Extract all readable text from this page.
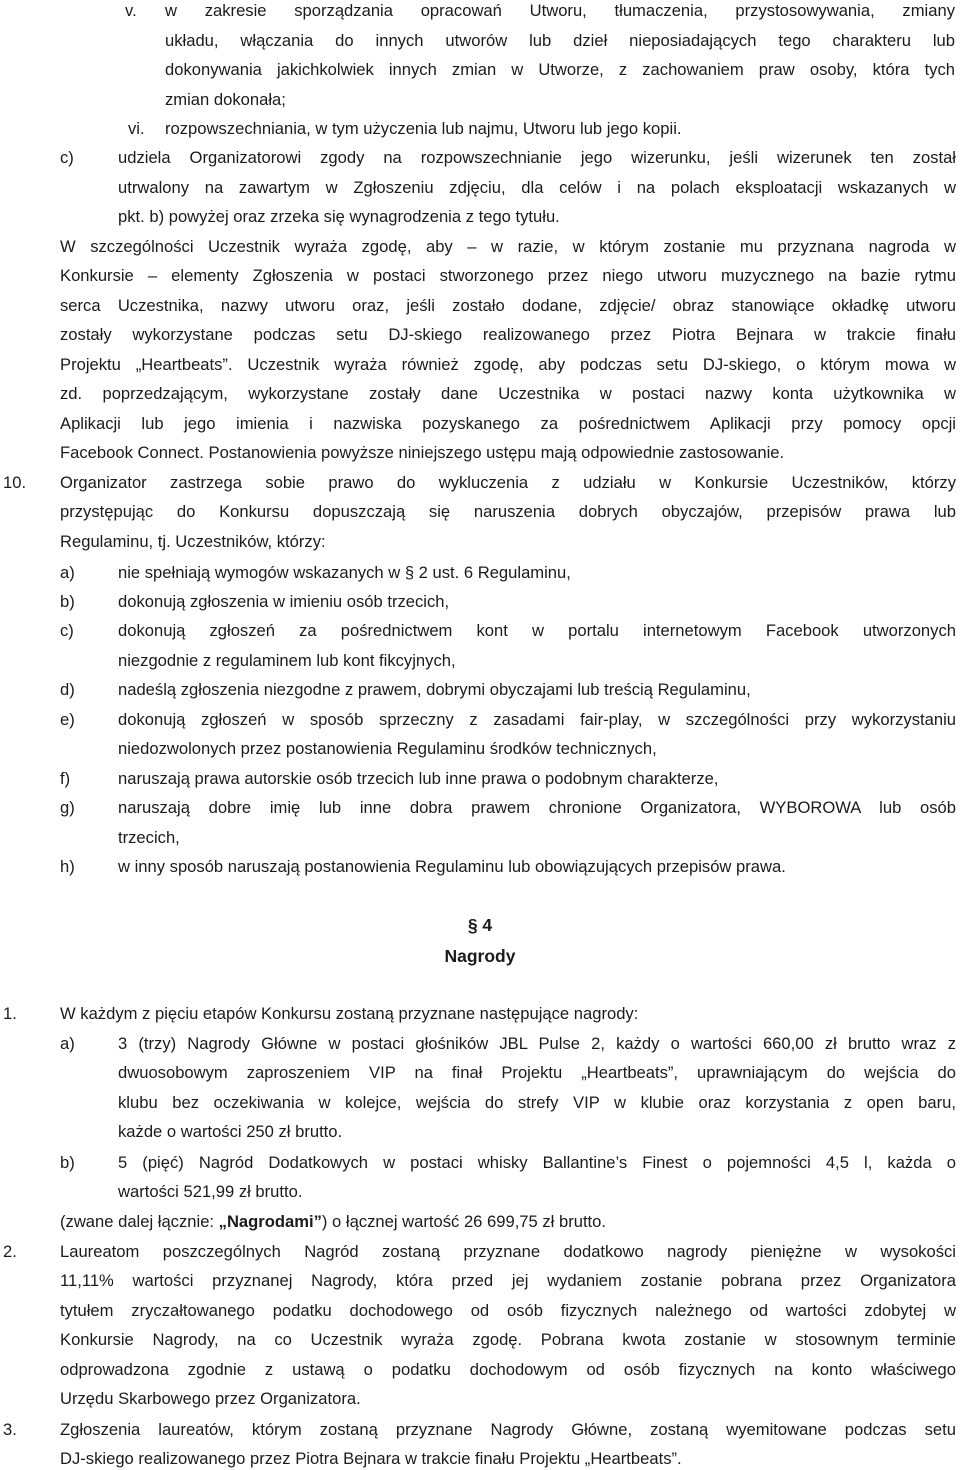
v. w zakresie sporządzania opracowań Utworu, tłumaczenia, przystosowywania, zmiany
układu, włączania do innych utworów lub dzieł nieposiadających tego charakteru lub
dokonywania jakichkolwiek innych zmian w Utworze, z zachowaniem praw osoby, która tych
zmian dokonała;
vi. rozpowszechniania, w tym użyczenia lub najmu, Utworu lub jego kopii.
c)	udziela Organizatorowi zgody na rozpowszechnianie jego wizerunku, jeśli wizerunek ten został
utrwalony na zawartym w Zgłoszeniu zdjęciu, dla celów i na polach eksploatacji wskazanych w
pkt. b) powyżej oraz zrzeka się wynagrodzenia z tego tytułu.
W szczególności Uczestnik wyraża zgodę, aby – w razie, w którym zostanie mu przyznana nagroda w
Konkursie – elementy Zgłoszenia w postaci stworzonego przez niego utworu muzycznego na bazie rytmu
serca Uczestnika, nazwy utworu oraz, jeśli zostało dodane, zdjęcie/ obraz stanowiące okładkę utworu
zostały wykorzystane podczas setu DJ-skiego realizowanego przez Piotra Bejnara w trakcie finału
Projektu „Heartbeats”. Uczestnik wyraża również zgodę, aby podczas setu DJ-skiego, o którym mowa w
zd. poprzedzającym, wykorzystane zostały dane Uczestnika w postaci nazwy konta użytkownika w
Aplikacji lub jego imienia i nazwiska pozyskanego za pośrednictwem Aplikacji przy pomocy opcji
Facebook Connect. Postanowienia powyższe niniejszego ustępu mają odpowiednie zastosowanie.
10. Organizator zastrzega sobie prawo do wykluczenia z udziału w Konkursie Uczestników, którzy
przystępując do Konkursu dopuszczają się naruszenia dobrych obyczajów, przepisów prawa lub
Regulaminu, tj. Uczestników, którzy:
a)	nie spełniają wymogów wskazanych w § 2 ust. 6 Regulaminu,
b)	dokonują zgłoszenia w imieniu osób trzecich,
c)	dokonują zgłoszeń za pośrednictwem kont w portalu internetowym Facebook utworzonych
niezgodnie z regulaminem lub kont fikcyjnych,
d)	nadeślą zgłoszenia niezgodne z prawem, dobrymi obyczajami lub treścią Regulaminu,
e)	dokonują zgłoszeń w sposób sprzeczny z zasadami fair-play, w szczególności przy wykorzystaniu
niedozwolonych przez postanowienia Regulaminu środków technicznych,
f)	naruszają prawa autorskie osób trzecich lub inne prawa o podobnym charakterze,
g)	naruszają dobre imię lub inne dobra prawem chronione Organizatora, WYBOROWA lub osób
trzecich,
h)	w inny sposób naruszają postanowienia Regulaminu lub obowiązujących przepisów prawa.
§ 4
Nagrody
1.	W każdym z pięciu etapów Konkursu zostaną przyznane następujące nagrody:
a)	3 (trzy) Nagrody Główne w postaci głośników JBL Pulse 2, każdy o wartości 660,00 zł brutto wraz z
dwuosobowym zaproszeniem VIP na finał Projektu „Heartbeats”, uprawniającym do wejścia do
klubu bez oczekiwania w kolejce, wejścia do strefy VIP w klubie oraz korzystania z open baru,
każde o wartości 250 zł brutto.
b)	5 (pięć) Nagród Dodatkowych w postaci whisky Ballantine’s Finest o pojemności 4,5 l, każda o
wartości 521,99 zł brutto.
(zwane dalej łącznie: „Nagrodami”) o łącznej wartość 26 699,75 zł brutto.
2.	Laureatom poszczególnych Nagród zostaną przyznane dodatkowo nagrody pieniężne w wysokości
11,11% wartości przyznanej Nagrody, która przed jej wydaniem zostanie pobrana przez Organizatora
tytułem zryczałtowanego podatku dochodowego od osób fizycznych należnego od wartości zdobytej w
Konkursie Nagrody, na co Uczestnik wyraża zgodę. Pobrana kwota zostanie w stosownym terminie
odprowadzona zgodnie z ustawą o podatku dochodowym od osób fizycznych na konto właściwego
Urzędu Skarbowego przez Organizatora.
3.	Zgłoszenia laureatów, którym zostaną przyznane Nagrody Główne, zostaną wyemitowane podczas setu
DJ-skiego realizowanego przez Piotra Bejnara w trakcie finału Projektu „Heartbeats”.
